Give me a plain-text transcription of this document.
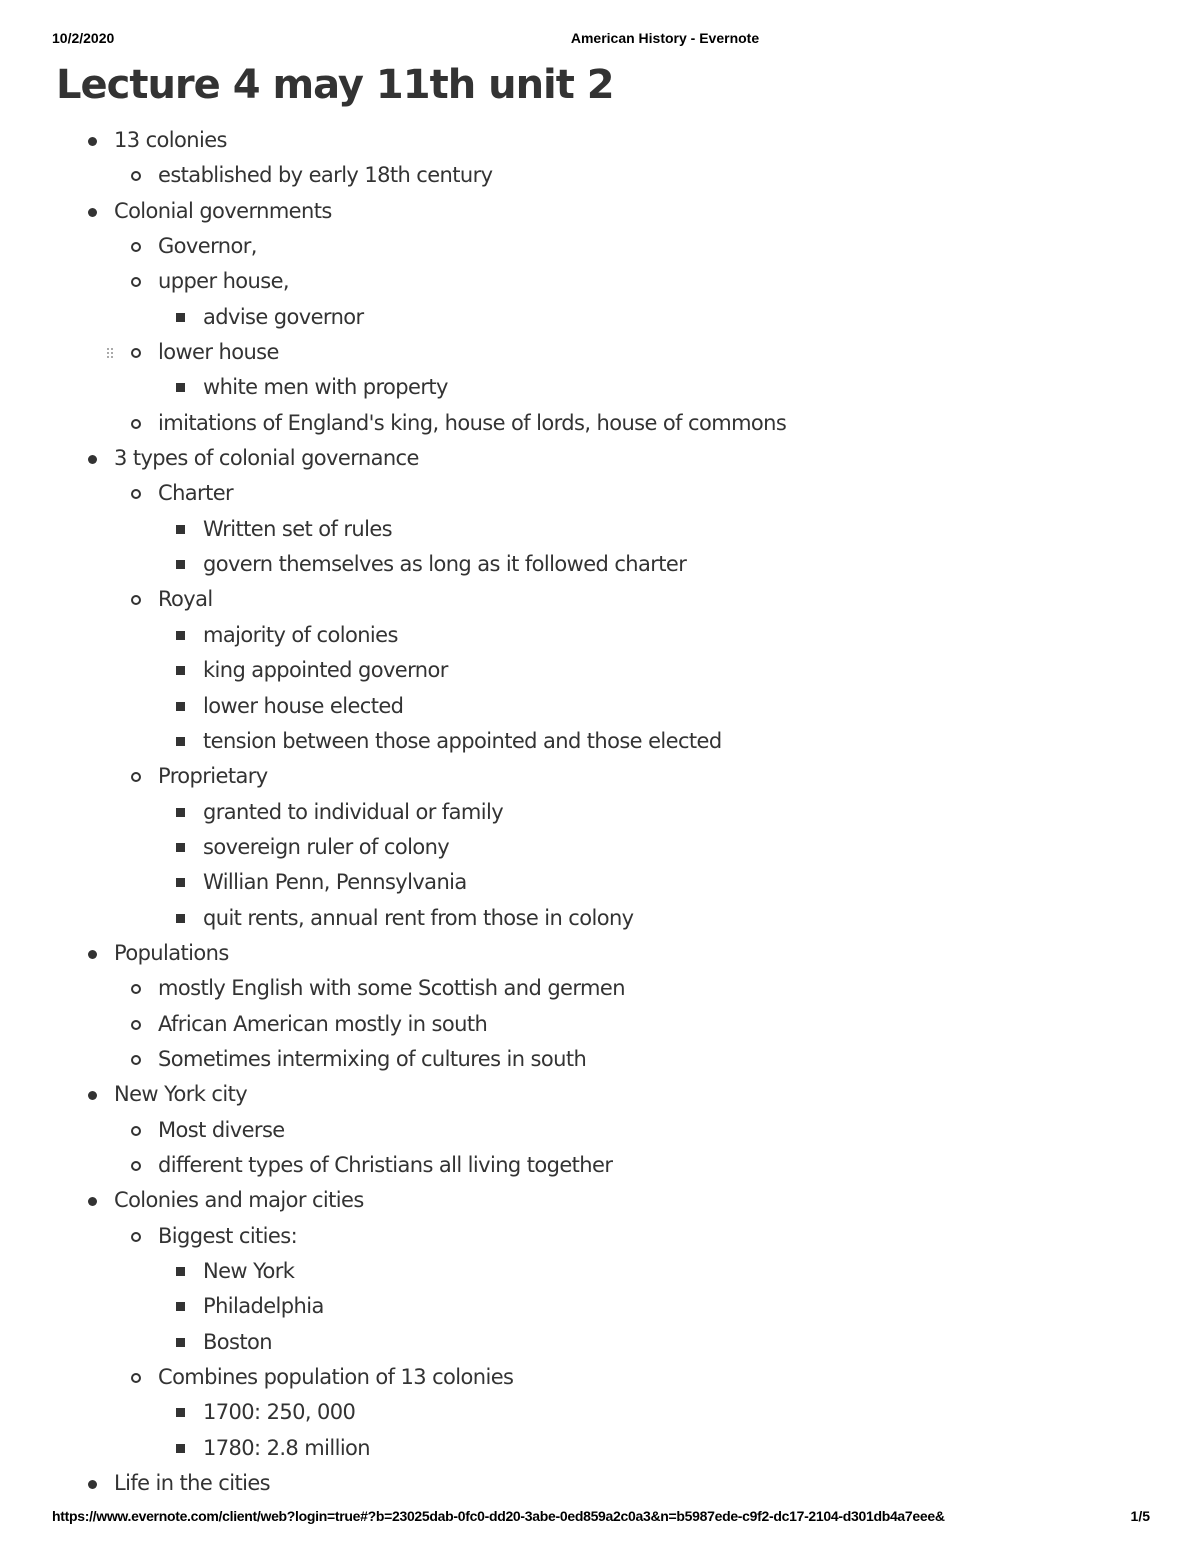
10/2/2020	American History - Evernote
Lecture 4 may 11th unit 2
13 colonies
established by early 18th century
Colonial governments
Governor,
upper house,
advise governor
lower house
white men with property
imitations of England's king, house of lords, house of commons
3 types of colonial governance
Charter
Written set of rules
govern themselves as long as it followed charter
Royal
majority of colonies
king appointed governor
lower house elected
tension between those appointed and those elected
Proprietary
granted to individual or family
sovereign ruler of colony
Willian Penn, Pennsylvania
quit rents, annual rent from those in colony
Populations
mostly English with some Scottish and germen
African American mostly in south
Sometimes intermixing of cultures in south
New York city
Most diverse
different types of Christians all living together
Colonies and major cities
Biggest cities:
New York
Philadelphia
Boston
Combines population of 13 colonies
1700: 250, 000
1780: 2.8 million
Life in the cities
https://www.evernote.com/client/web?login=true#?b=23025dab-0fc0-dd20-3abe-0ed859a2c0a3&n=b5987ede-c9f2-dc17-2104-d301db4a7eee&	1/5
